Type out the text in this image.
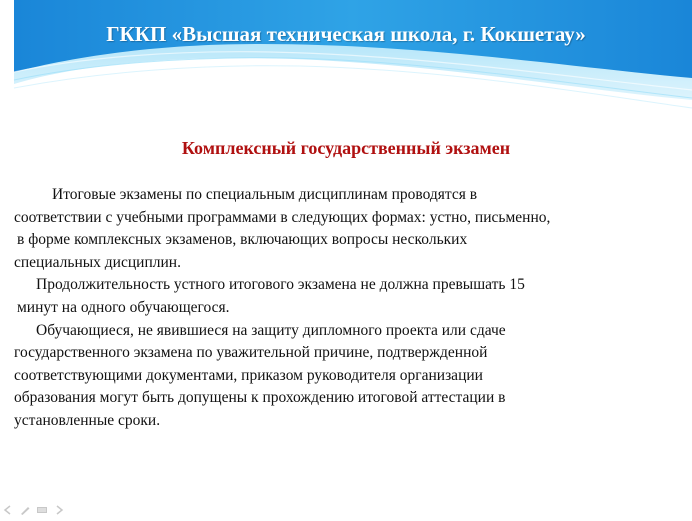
ГККП «Высшая техническая школа, г. Кокшетау»
Комплексный государственный экзамен
Итоговые экзамены по специальным дисциплинам проводятся в
соответствии с учебными программами в следующих формах: устно, письменно,
в форме комплексных экзаменов, включающих вопросы нескольких
специальных дисциплин.
Продолжительность устного итогового экзамена не должна превышать 15
минут на одного обучающегося.
Обучающиеся, не явившиеся на защиту дипломного проекта или сдаче
государственного экзамена по уважительной причине, подтвержденной
соответствующими документами, приказом руководителя организации
образования могут быть допущены к прохождению итоговой аттестации в
установленные сроки.
